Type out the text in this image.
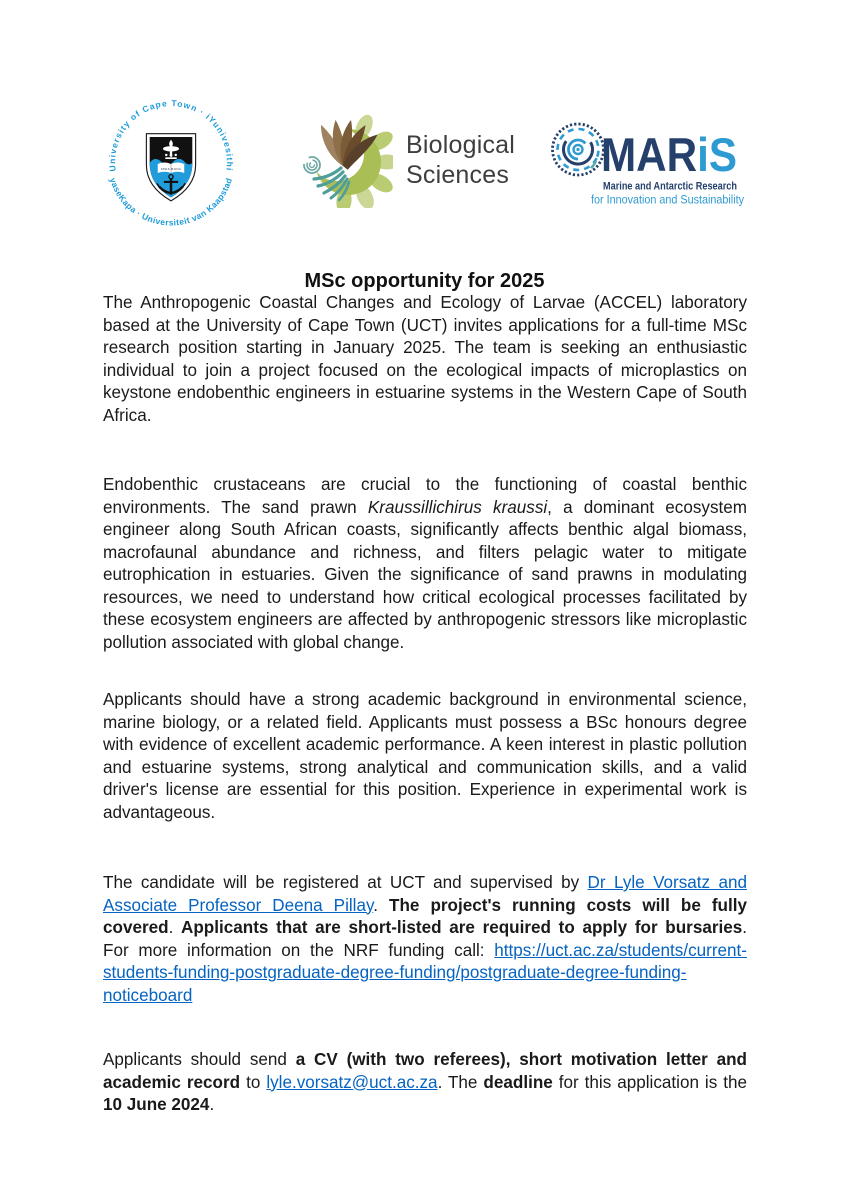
University of Cape Town · iYunivesithi
yaseKapa · Universiteit van Kaapstad
SPES BONA
Biological
Sciences MARiS
Marine and Antarctic Research
for Innovation and Sustainability
MSc opportunity for 2025

The Anthropogenic Coastal Changes and Ecology of Larvae (ACCEL) laboratory based at the University of Cape Town (UCT) invites applications for a full-time MSc research position starting in January 2025. The team is seeking an enthusiastic individual to join a project focused on the ecological impacts of microplastics on keystone endobenthic engineers in estuarine systems in the Western Cape of South Africa.

Endobenthic crustaceans are crucial to the functioning of coastal benthic environments. The sand prawn Kraussillichirus kraussi, a dominant ecosystem engineer along South African coasts, significantly affects benthic algal biomass, macrofaunal abundance and richness, and filters pelagic water to mitigate eutrophication in estuaries. Given the significance of sand prawns in modulating resources, we need to understand how critical ecological processes facilitated by these ecosystem engineers are affected by anthropogenic stressors like microplastic pollution associated with global change.

Applicants should have a strong academic background in environmental science, marine biology, or a related field. Applicants must possess a BSc honours degree with evidence of excellent academic performance. A keen interest in plastic pollution and estuarine systems, strong analytical and communication skills, and a valid driver's license are essential for this position. Experience in experimental work is advantageous.

The candidate will be registered at UCT and supervised by Dr Lyle Vorsatz and Associate Professor Deena Pillay. The project's running costs will be fully covered. Applicants that are short-listed are required to apply for bursaries. For more information on the NRF funding call: https://uct.ac.za/students/current-students-funding-postgraduate-degree-funding/postgraduate-degree-funding-noticeboard

Applicants should send a CV (with two referees), short motivation letter and academic record to lyle.vorsatz@uct.ac.za. The deadline for this application is the 10 June 2024.
